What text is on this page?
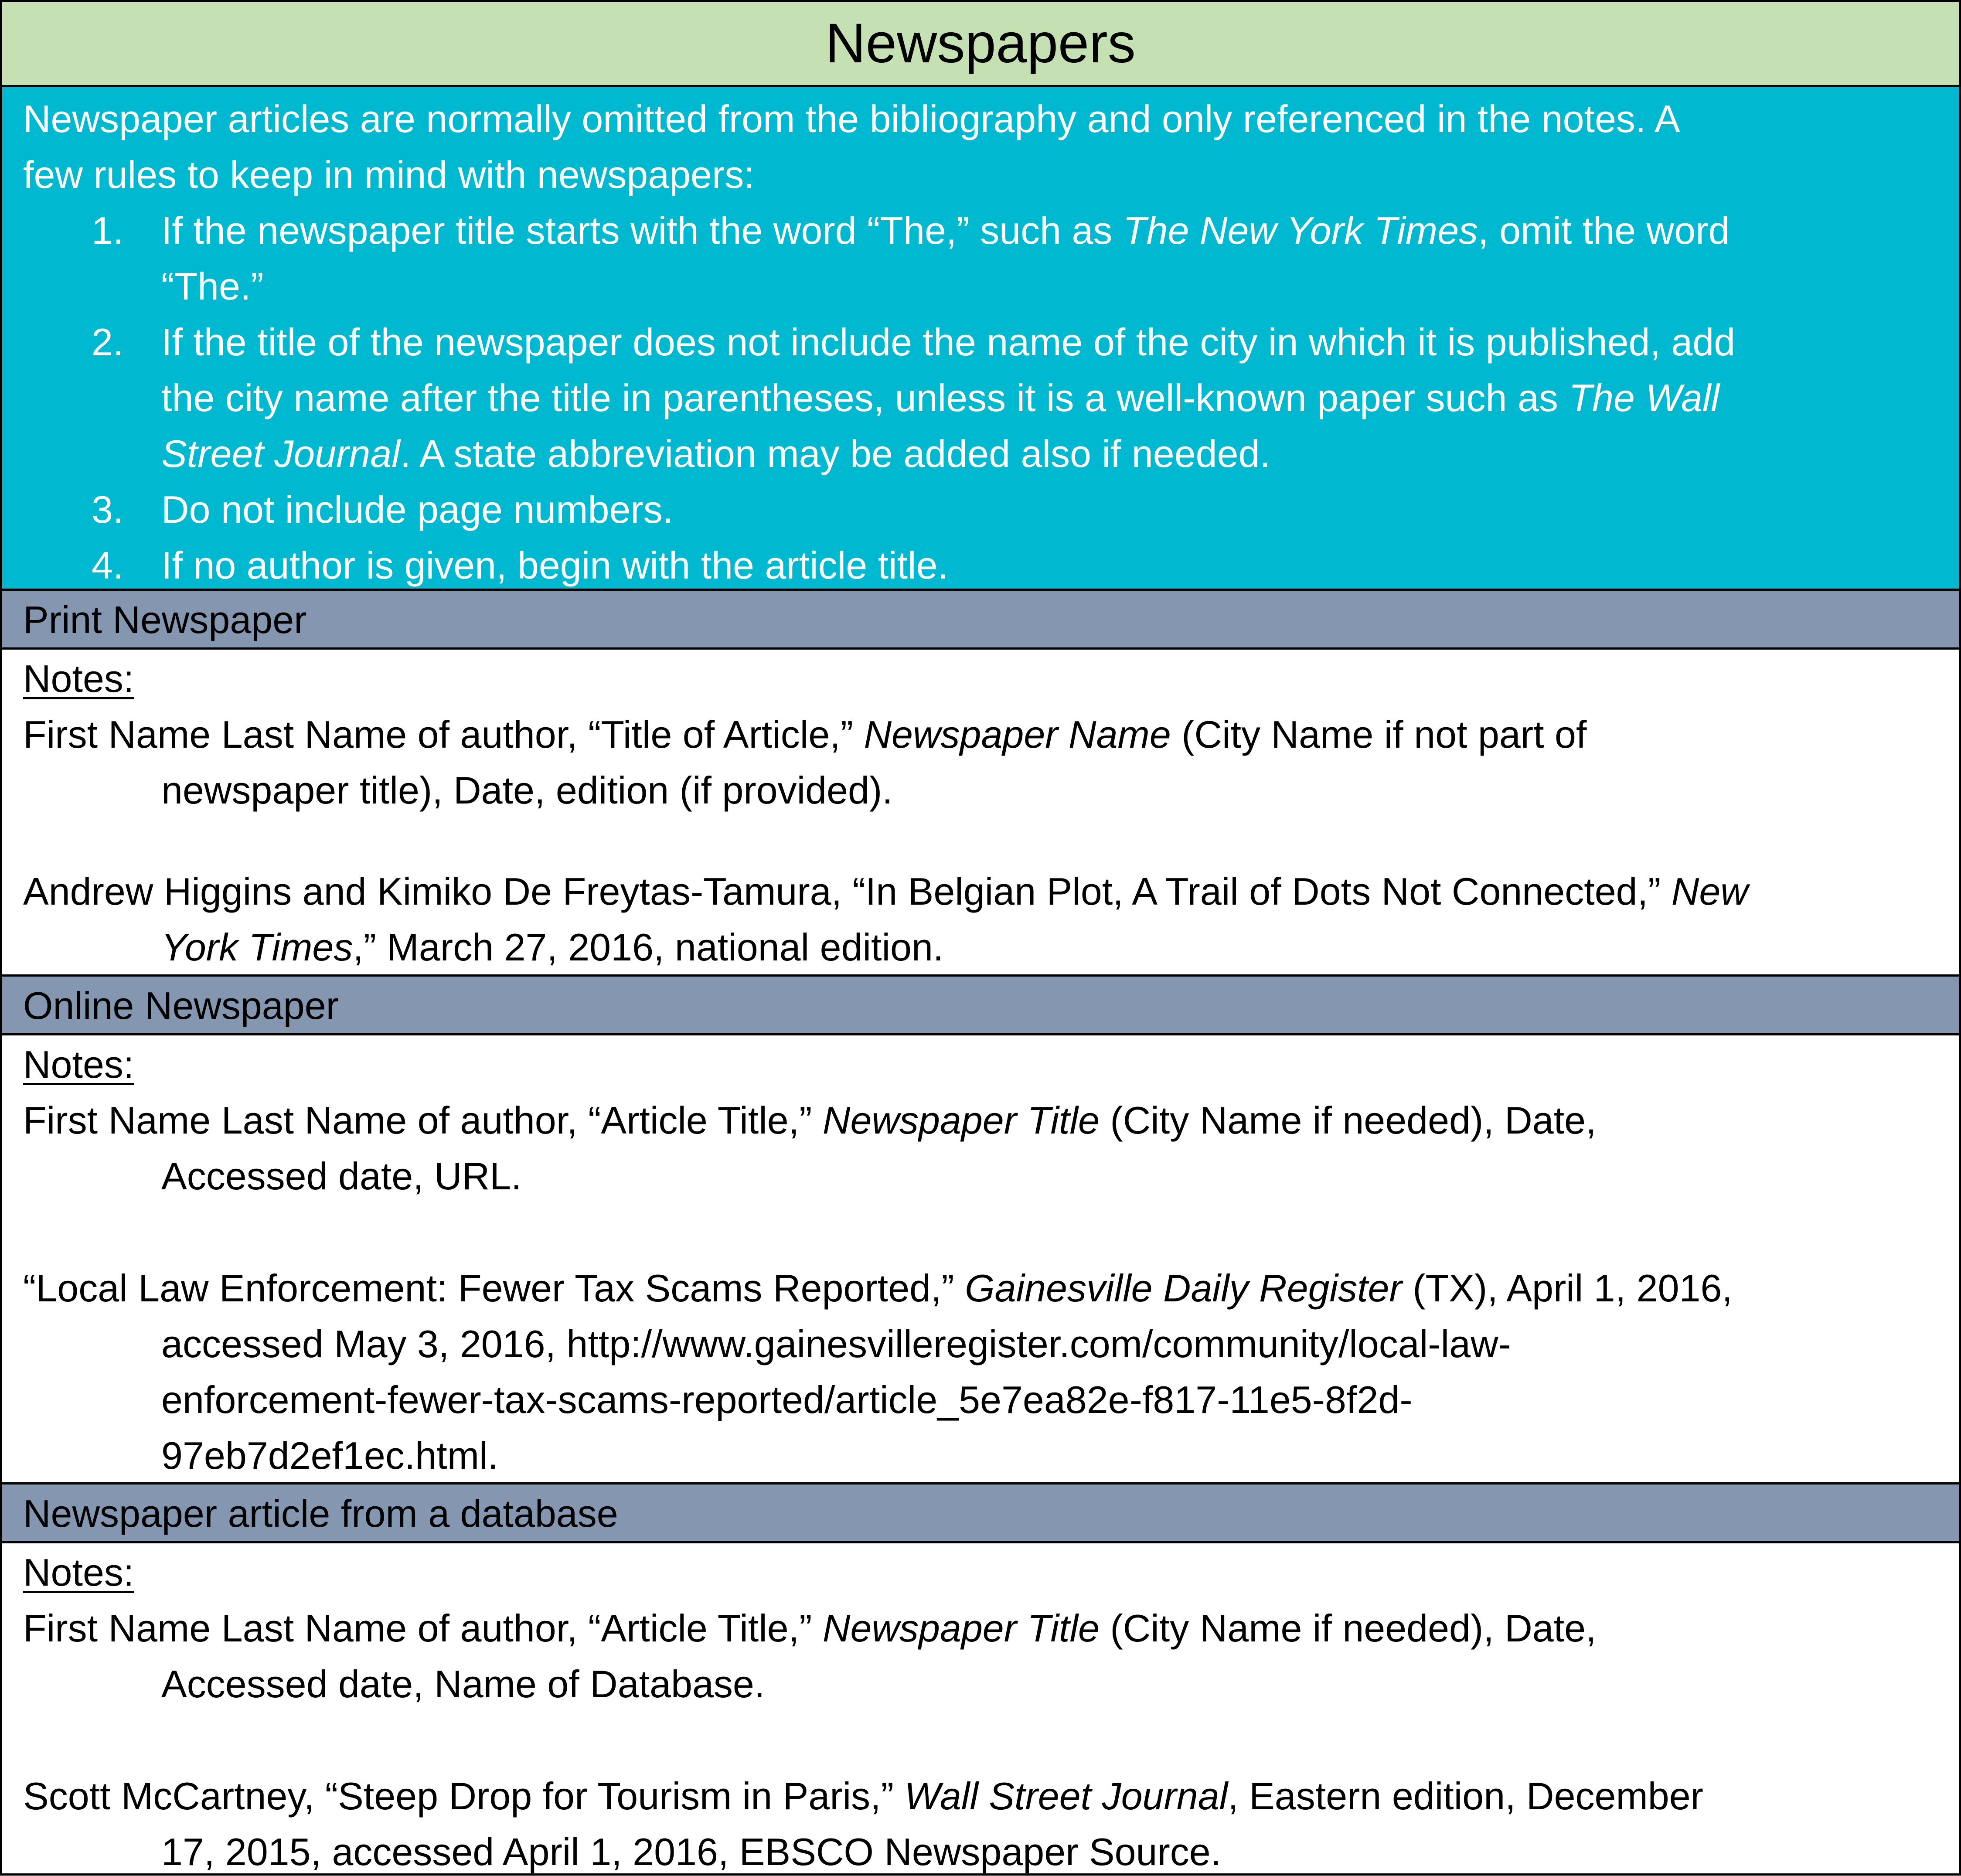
Newspapers
Newspaper articles are normally omitted from the bibliography and only referenced in the notes. A
few rules to keep in mind with newspapers:
1. If the newspaper title starts with the word “The,” such as The New York Times, omit the word
“The.”
2. If the title of the newspaper does not include the name of the city in which it is published, add
the city name after the title in parentheses, unless it is a well-known paper such as The Wall
Street Journal. A state abbreviation may be added also if needed.
3. Do not include page numbers.
4. If no author is given, begin with the article title.
Print Newspaper
Notes:
First Name Last Name of author, “Title of Article,” Newspaper Name (City Name if not part of
newspaper title), Date, edition (if provided).
Andrew Higgins and Kimiko De Freytas-Tamura, “In Belgian Plot, A Trail of Dots Not Connected,” New
York Times,” March 27, 2016, national edition.
Online Newspaper
Notes:
First Name Last Name of author, “Article Title,” Newspaper Title (City Name if needed), Date,
Accessed date, URL.
“Local Law Enforcement: Fewer Tax Scams Reported,” Gainesville Daily Register (TX), April 1, 2016,
accessed May 3, 2016, http://www.gainesvilleregister.com/community/local-law-
enforcement-fewer-tax-scams-reported/article_5e7ea82e-f817-11e5-8f2d-
97eb7d2ef1ec.html.
Newspaper article from a database
Notes:
First Name Last Name of author, “Article Title,” Newspaper Title (City Name if needed), Date,
Accessed date, Name of Database.
Scott McCartney, “Steep Drop for Tourism in Paris,” Wall Street Journal, Eastern edition, December
17, 2015, accessed April 1, 2016, EBSCO Newspaper Source.
